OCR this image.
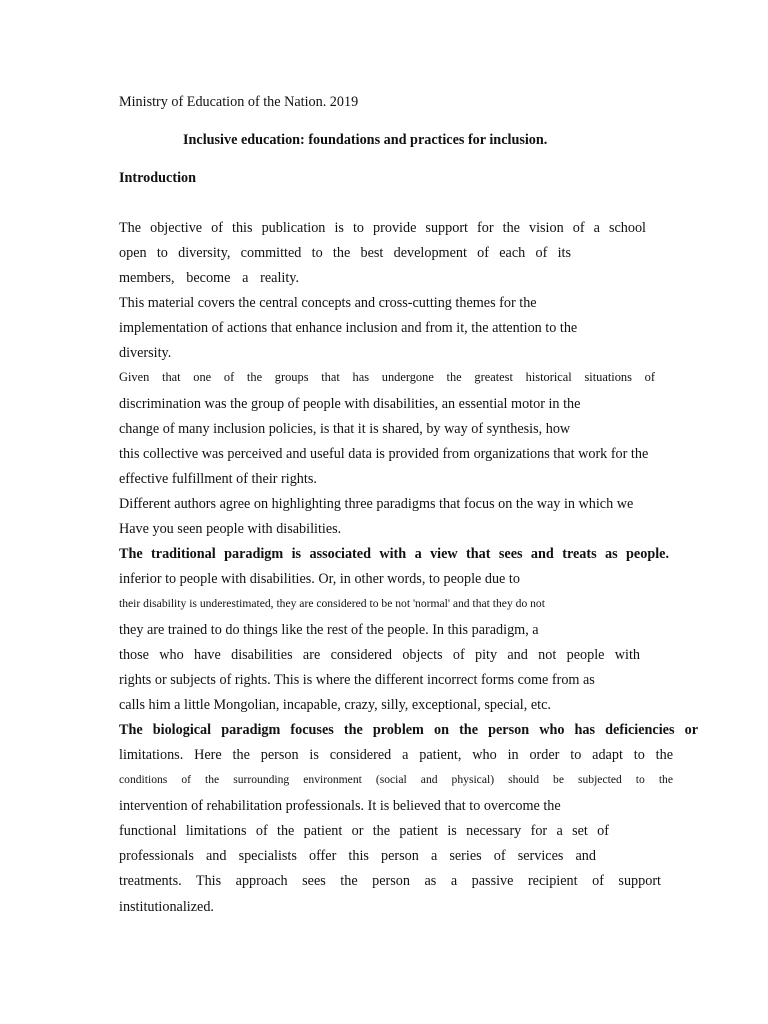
Ministry of Education of the Nation. 2019
Inclusive education: foundations and practices for inclusion.
Introduction
The objective of this publication is to provide support for the vision of a school
open to diversity, committed to the best development of each of its
members, become a reality.
This material covers the central concepts and cross-cutting themes for the
implementation of actions that enhance inclusion and from it, the attention to the
diversity.
Given that one of the groups that has undergone the greatest historical situations of
discrimination was the group of people with disabilities, an essential motor in the
change of many inclusion policies, is that it is shared, by way of synthesis, how
this collective was perceived and useful data is provided from organizations that work for the
effective fulfillment of their rights.
Different authors agree on highlighting three paradigms that focus on the way in which we
Have you seen people with disabilities.
The traditional paradigm is associated with a view that sees and treats as people.
inferior to people with disabilities. Or, in other words, to people due to
their disability is underestimated, they are considered to be not 'normal' and that they do not
they are trained to do things like the rest of the people. In this paradigm, a
those who have disabilities are considered objects of pity and not people with
rights or subjects of rights. This is where the different incorrect forms come from as
calls him a little Mongolian, incapable, crazy, silly, exceptional, special, etc.
The biological paradigm focuses the problem on the person who has deficiencies or
limitations. Here the person is considered a patient, who in order to adapt to the
conditions of the surrounding environment (social and physical) should be subjected to the
intervention of rehabilitation professionals. It is believed that to overcome the
functional limitations of the patient or the patient is necessary for a set of
professionals and specialists offer this person a series of services and
treatments. This approach sees the person as a passive recipient of support
institutionalized.
